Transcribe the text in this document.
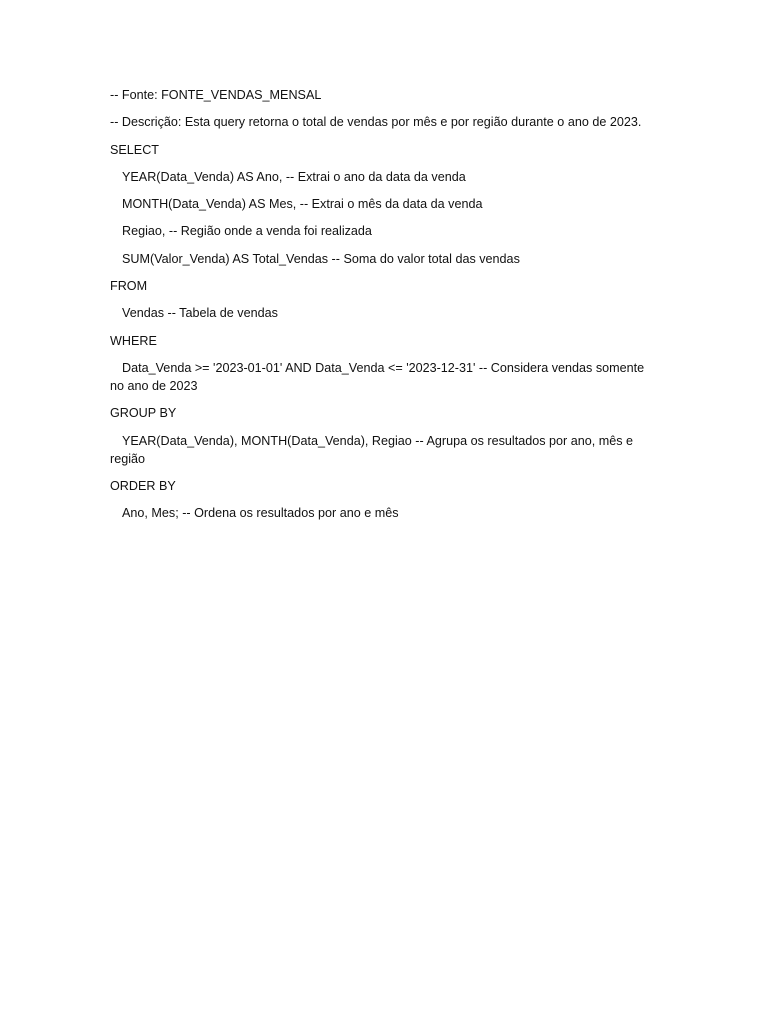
-- Fonte: FONTE_VENDAS_MENSAL

-- Descrição: Esta query retorna o total de vendas por mês e por região durante o ano de 2023.

SELECT

YEAR(Data_Venda) AS Ano, -- Extrai o ano da data da venda

MONTH(Data_Venda) AS Mes, -- Extrai o mês da data da venda

Regiao, -- Região onde a venda foi realizada

SUM(Valor_Venda) AS Total_Vendas -- Soma do valor total das vendas

FROM

Vendas -- Tabela de vendas

WHERE

Data_Venda >= '2023-01-01' AND Data_Venda <= '2023-12-31' -- Considera vendas somente no ano de 2023

GROUP BY

YEAR(Data_Venda), MONTH(Data_Venda), Regiao -- Agrupa os resultados por ano, mês e região

ORDER BY

Ano, Mes; -- Ordena os resultados por ano e mês
